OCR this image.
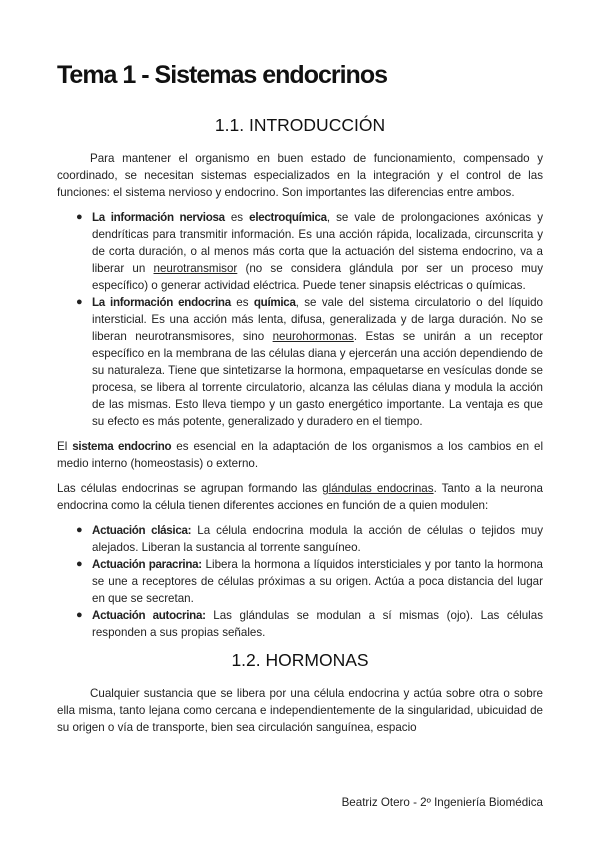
Tema 1 - Sistemas endocrinos
1.1. INTRODUCCIÓN

Para mantener el organismo en buen estado de funcionamiento, compensado y coordinado, se necesitan sistemas especializados en la integración y el control de las funciones: el sistema nervioso y endocrino. Son importantes las diferencias entre ambos.

● La información nerviosa es electroquímica, se vale de prolongaciones axónicas y dendríticas para transmitir información. Es una acción rápida, localizada, circunscrita y de corta duración, o al menos más corta que la actuación del sistema endocrino, va a liberar un neurotransmisor (no se considera glándula por ser un proceso muy específico) o generar actividad eléctrica. Puede tener sinapsis eléctricas o químicas.
● La información endocrina es química, se vale del sistema circulatorio o del líquido intersticial. Es una acción más lenta, difusa, generalizada y de larga duración. No se liberan neurotransmisores, sino neurohormonas. Estas se unirán a un receptor específico en la membrana de las células diana y ejercerán una acción dependiendo de su naturaleza. Tiene que sintetizarse la hormona, empaquetarse en vesículas donde se procesa, se libera al torrente circulatorio, alcanza las células diana y modula la acción de las mismas. Esto lleva tiempo y un gasto energético importante. La ventaja es que su efecto es más potente, generalizado y duradero en el tiempo.

El sistema endocrino es esencial en la adaptación de los organismos a los cambios en el medio interno (homeostasis) o externo.

Las células endocrinas se agrupan formando las glándulas endocrinas. Tanto a la neurona endocrina como la célula tienen diferentes acciones en función de a quien modulen:

● Actuación clásica: La célula endocrina modula la acción de células o tejidos muy alejados. Liberan la sustancia al torrente sanguíneo.
● Actuación paracrina: Libera la hormona a líquidos intersticiales y por tanto la hormona se une a receptores de células próximas a su origen. Actúa a poca distancia del lugar en que se secretan.
● Actuación autocrina: Las glándulas se modulan a sí mismas (ojo). Las células responden a sus propias señales.
1.2. HORMONAS

Cualquier sustancia que se libera por una célula endocrina y actúa sobre otra o sobre ella misma, tanto lejana como cercana e independientemente de la singularidad, ubicuidad de su origen o vía de transporte, bien sea circulación sanguínea, espacio

Beatriz Otero - 2º Ingeniería Biomédica
